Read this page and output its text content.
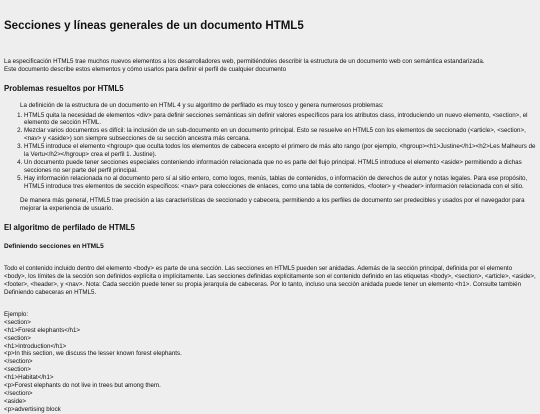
Secciones y líneas generales de un documento HTML5

La especificación HTML5 trae muchos nuevos elementos a los desarrolladores web, permitiéndoles describir la estructura de un documento web con semántica estandarizada.

Este documento describe estos elementos y cómo usarlos para definir el perfil de cualquier documento

Problemas resueltos por HTML5

La definición de la estructura de un documento en HTML 4 y su algoritmo de perfilado es muy tosco y genera numerosos problemas:

1. HTML5 quita la necesidad de elementos <div> para definir secciones semánticas sin definir valores específicos para los atributos class, introduciendo un nuevo elemento, <section>, el elemento de sección HTML.
2. Mezclar varios documentos es difícil: la inclusión de un sub-documento en un documento principal. Esto se resuelve en HTML5 con los elementos de seccionado (<article>, <section>, <nav> y <aside>) son siempre subsecciones de su sección ancestra más cercana.
3. HTML5 introduce el elemento <hgroup> que oculta todos los elementos de cabecera excepto el primero de más alto rango (por ejemplo, <hgroup><h1>Justine</h1><h2>Les Malheurs de la Vertu</h2></hgroup> crea el perfil 1. Justine).
4. Un documento puede tener secciones especiales conteniendo información relacionada que no es parte del flujo principal. HTML5 introduce el elemento <aside> permitiendo a dichas secciones no ser parte del perfil principal.
5. Hay información relacionada no al documento pero sí al sitio entero, como logos, menús, tablas de contenidos, o información de derechos de autor y notas legales. Para ese propósito, HTML5 introduce tres elementos de sección específicos: <nav> para colecciones de enlaces, como una tabla de contenidos, <footer> y <header> información relacionada con el sitio.

De manera más general, HTML5 trae precisión a las características de seccionado y cabecera, permitiendo a los perfiles de documento ser predecibles y usados por el navegador para mejorar la experiencia de usuario.

El algoritmo de perfilado de HTML5
Definiendo secciones en HTML5

Todo el contenido incluido dentro del elemento <body> es parte de una sección. Las secciones en HTML5 pueden ser anidadas. Además de la sección principal, definida por el elemento <body>, los límites de la sección son definidos explícita o implícitamente. Las secciones definidas explícitamente son el contenido definido en las etiquetas <body>, <section>, <article>, <aside>, <footer>, <header>, y <nav>. Nota: Cada sección puede tener su propia jerarquía de cabeceras. Por lo tanto, incluso una sección anidada puede tener un elemento <h1>. Consulte también Definiendo cabeceras en HTML5.

Ejemplo:

<section>
<h1>Forest elephants</h1>
<section>
<h1>Introduction</h1>
<p>In this section, we discuss the lesser known forest elephants.
</section>
<section>
<h1>Habitat</h1>
<p>Forest elephants do not live in trees but among them.
</section>
<aside>
<p>advertising block
